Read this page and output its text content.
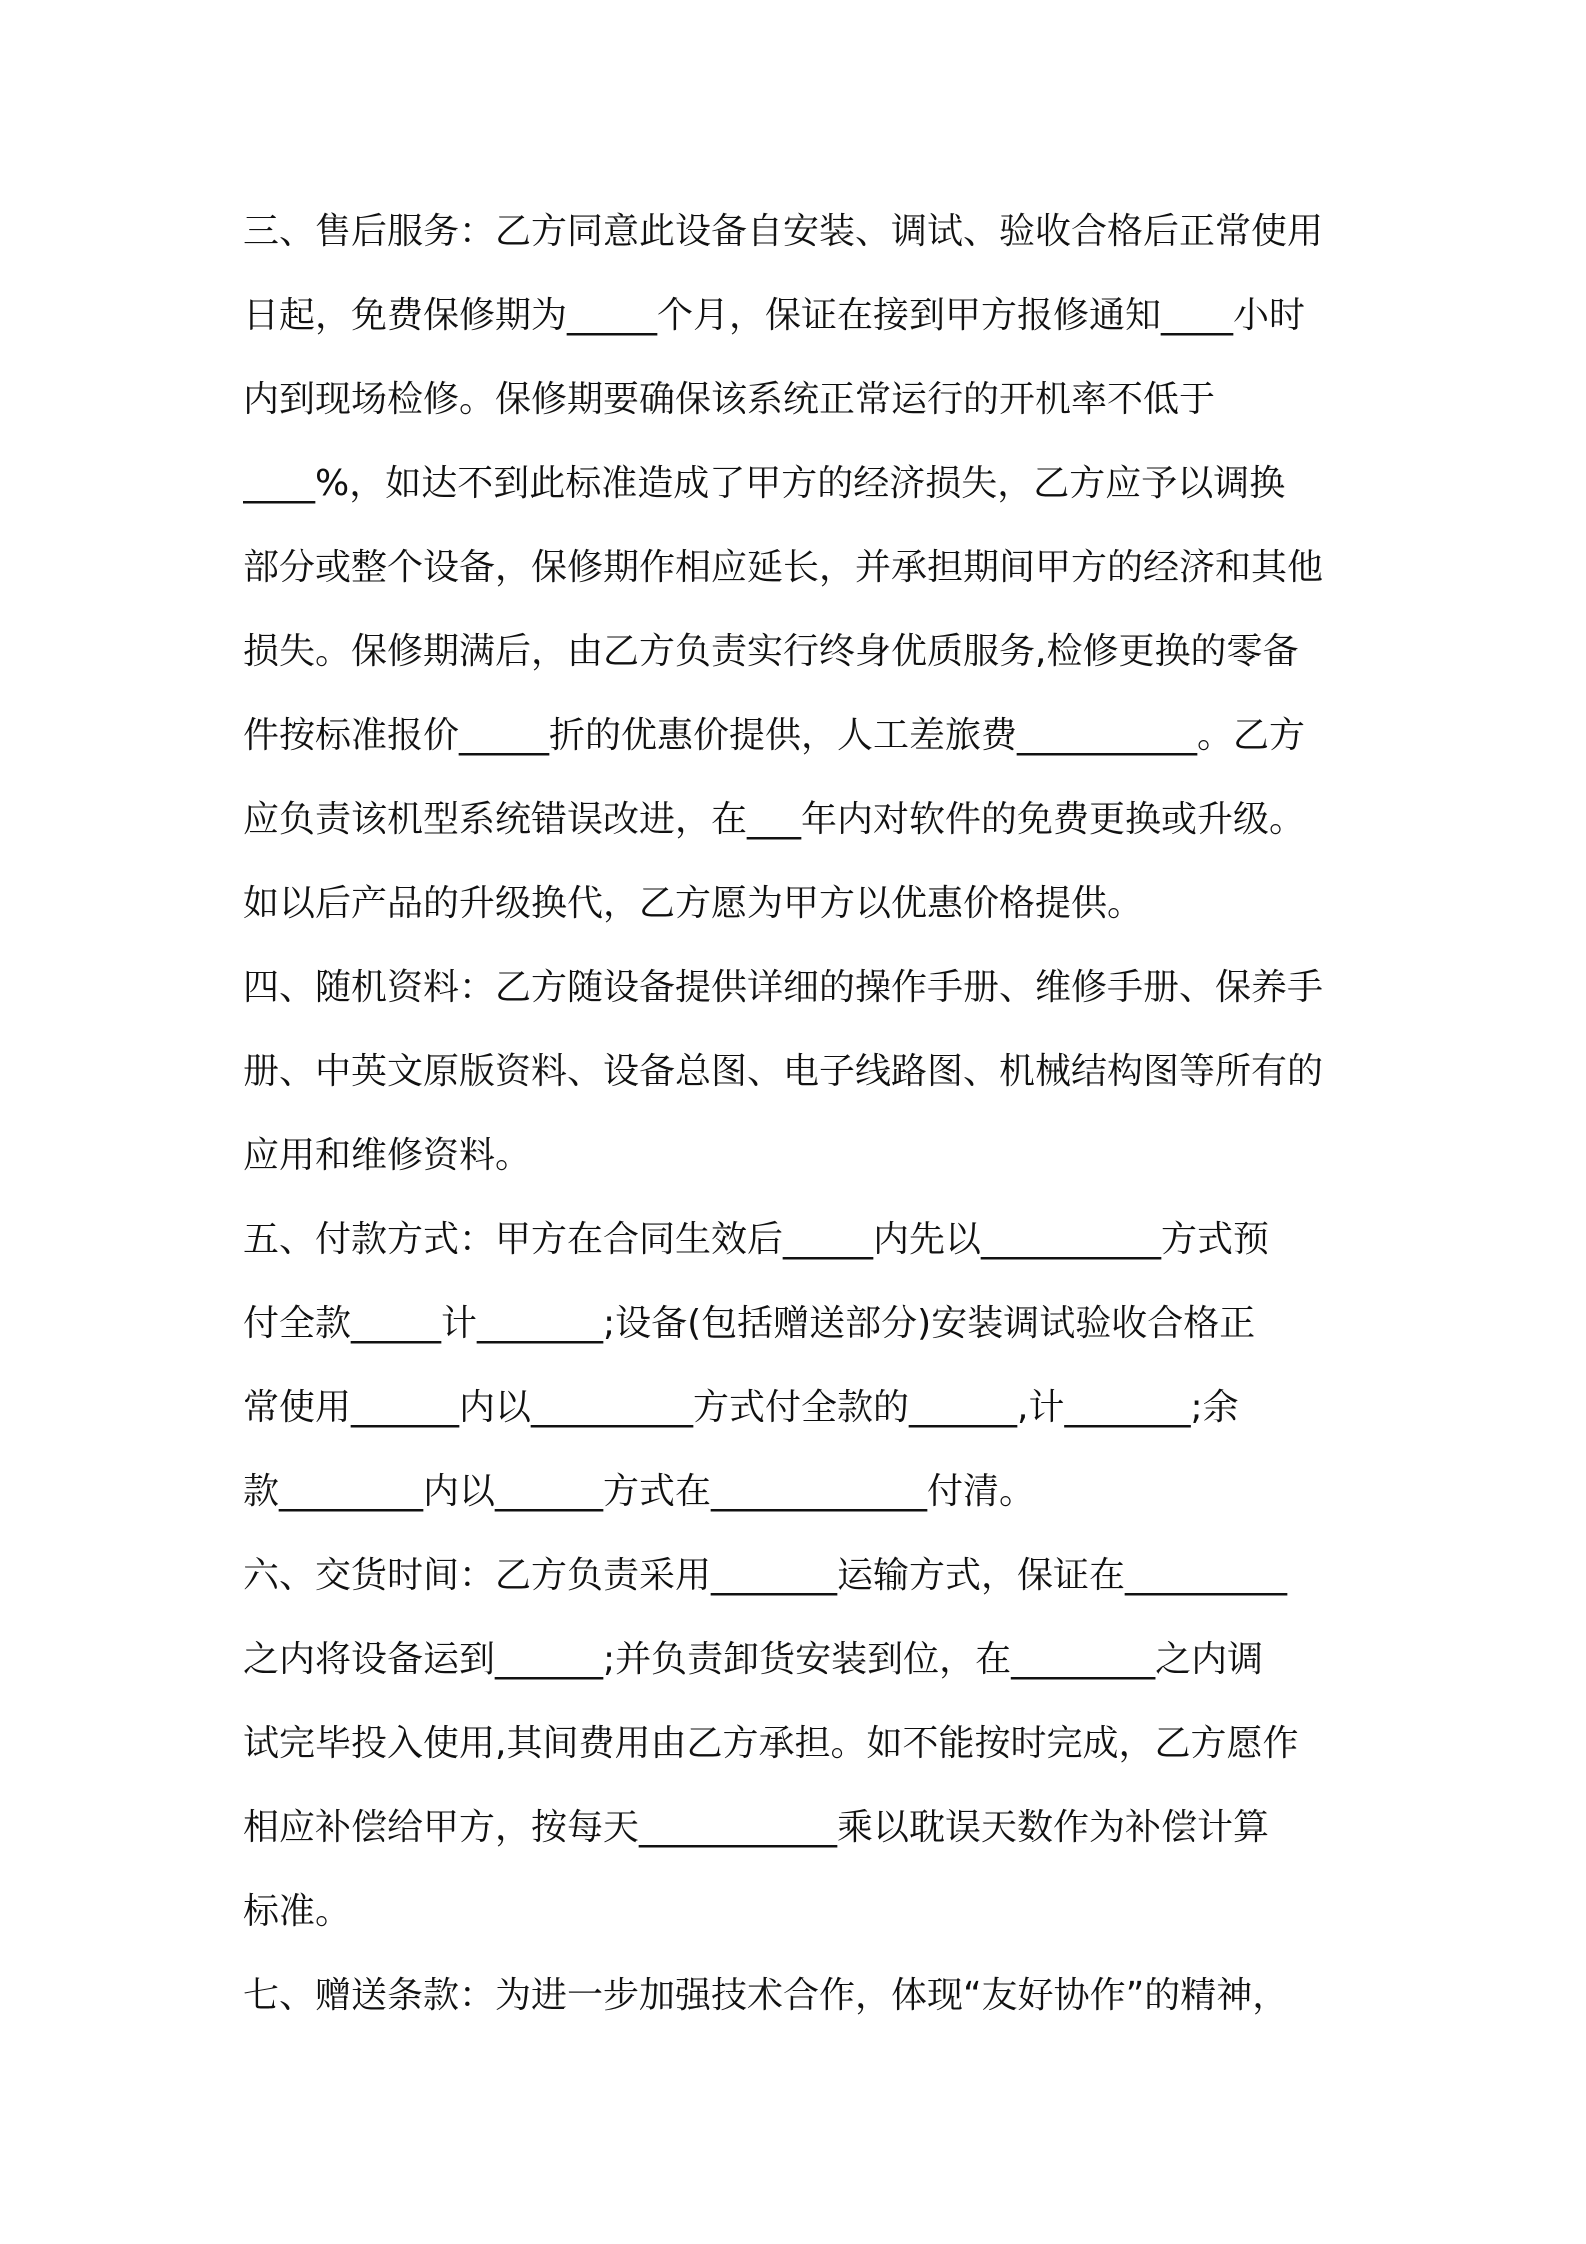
三、售后服务：乙方同意此设备自安装、调试、验收合格后正常使用
日起，免费保修期为_____个月，保证在接到甲方报修通知____小时
内到现场检修。保修期要确保该系统正常运行的开机率不低于
____%，如达不到此标准造成了甲方的经济损失，乙方应予以调换
部分或整个设备，保修期作相应延长，并承担期间甲方的经济和其他
损失。保修期满后，由乙方负责实行终身优质服务,检修更换的零备
件按标准报价_____折的优惠价提供，人工差旅费__________。乙方
应负责该机型系统错误改进，在___年内对软件的免费更换或升级。
如以后产品的升级换代，乙方愿为甲方以优惠价格提供。
四、随机资料：乙方随设备提供详细的操作手册、维修手册、保养手
册、中英文原版资料、设备总图、电子线路图、机械结构图等所有的
应用和维修资料。
五、付款方式：甲方在合同生效后_____内先以__________方式预
付全款_____计_______;设备(包括赠送部分)安装调试验收合格正
常使用______内以_________方式付全款的______,计_______;余
款________内以______方式在____________付清。
六、交货时间：乙方负责采用_______运输方式，保证在_________
之内将设备运到______;并负责卸货安装到位，在________之内调
试完毕投入使用,其间费用由乙方承担。如不能按时完成，乙方愿作
相应补偿给甲方，按每天___________乘以耽误天数作为补偿计算
标准。
七、赠送条款：为进一步加强技术合作，体现“友好协作”的精神，
